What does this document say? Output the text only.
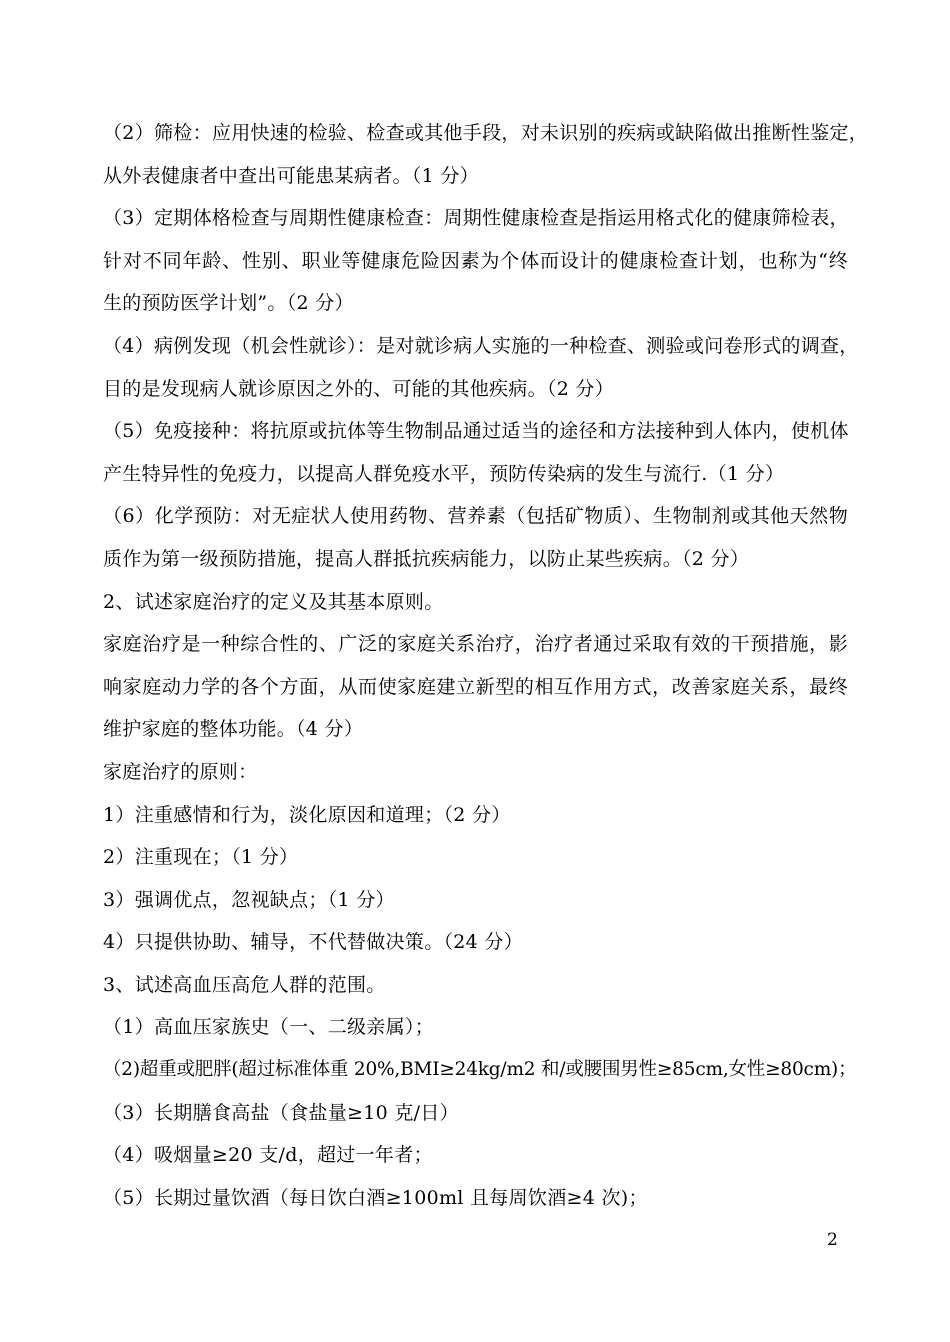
（2）筛检：应用快速的检验、检查或其他手段，对未识别的疾病或缺陷做出推断性鉴定，
从外表健康者中查出可能患某病者。（1 分）
（3）定期体格检查与周期性健康检查：周期性健康检查是指运用格式化的健康筛检表，
针对不同年龄、性别、职业等健康危险因素为个体而设计的健康检查计划，也称为“终
生的预防医学计划”。（2 分）
（4）病例发现（机会性就诊）：是对就诊病人实施的一种检查、测验或问卷形式的调查，
目的是发现病人就诊原因之外的、可能的其他疾病。（2 分）
（5）免疫接种：将抗原或抗体等生物制品通过适当的途径和方法接种到人体内，使机体
产生特异性的免疫力，以提高人群免疫水平，预防传染病的发生与流行.（1 分）
（6）化学预防：对无症状人使用药物、营养素（包括矿物质）、生物制剂或其他天然物
质作为第一级预防措施，提高人群抵抗疾病能力，以防止某些疾病。（2 分）
2、试述家庭治疗的定义及其基本原则。
家庭治疗是一种综合性的、广泛的家庭关系治疗，治疗者通过采取有效的干预措施，影
响家庭动力学的各个方面，从而使家庭建立新型的相互作用方式，改善家庭关系，最终
维护家庭的整体功能。（4 分）
家庭治疗的原则：
1）注重感情和行为，淡化原因和道理；（2 分）
2）注重现在；（1 分）
3）强调优点，忽视缺点；（1 分）
4）只提供协助、辅导，不代替做决策。（24 分）
3、试述高血压高危人群的范围。
（1）高血压家族史（一、二级亲属）；
（2)超重或肥胖(超过标准体重 20%,BMI≥24kg/m2 和/或腰围男性≥85cm,女性≥80cm)；
（3）长期膳食高盐（食盐量≥10 克/日）
（4）吸烟量≥20 支/d，超过一年者；
（5）长期过量饮酒（每日饮白酒≥100ml 且每周饮酒≥4 次)；
2
